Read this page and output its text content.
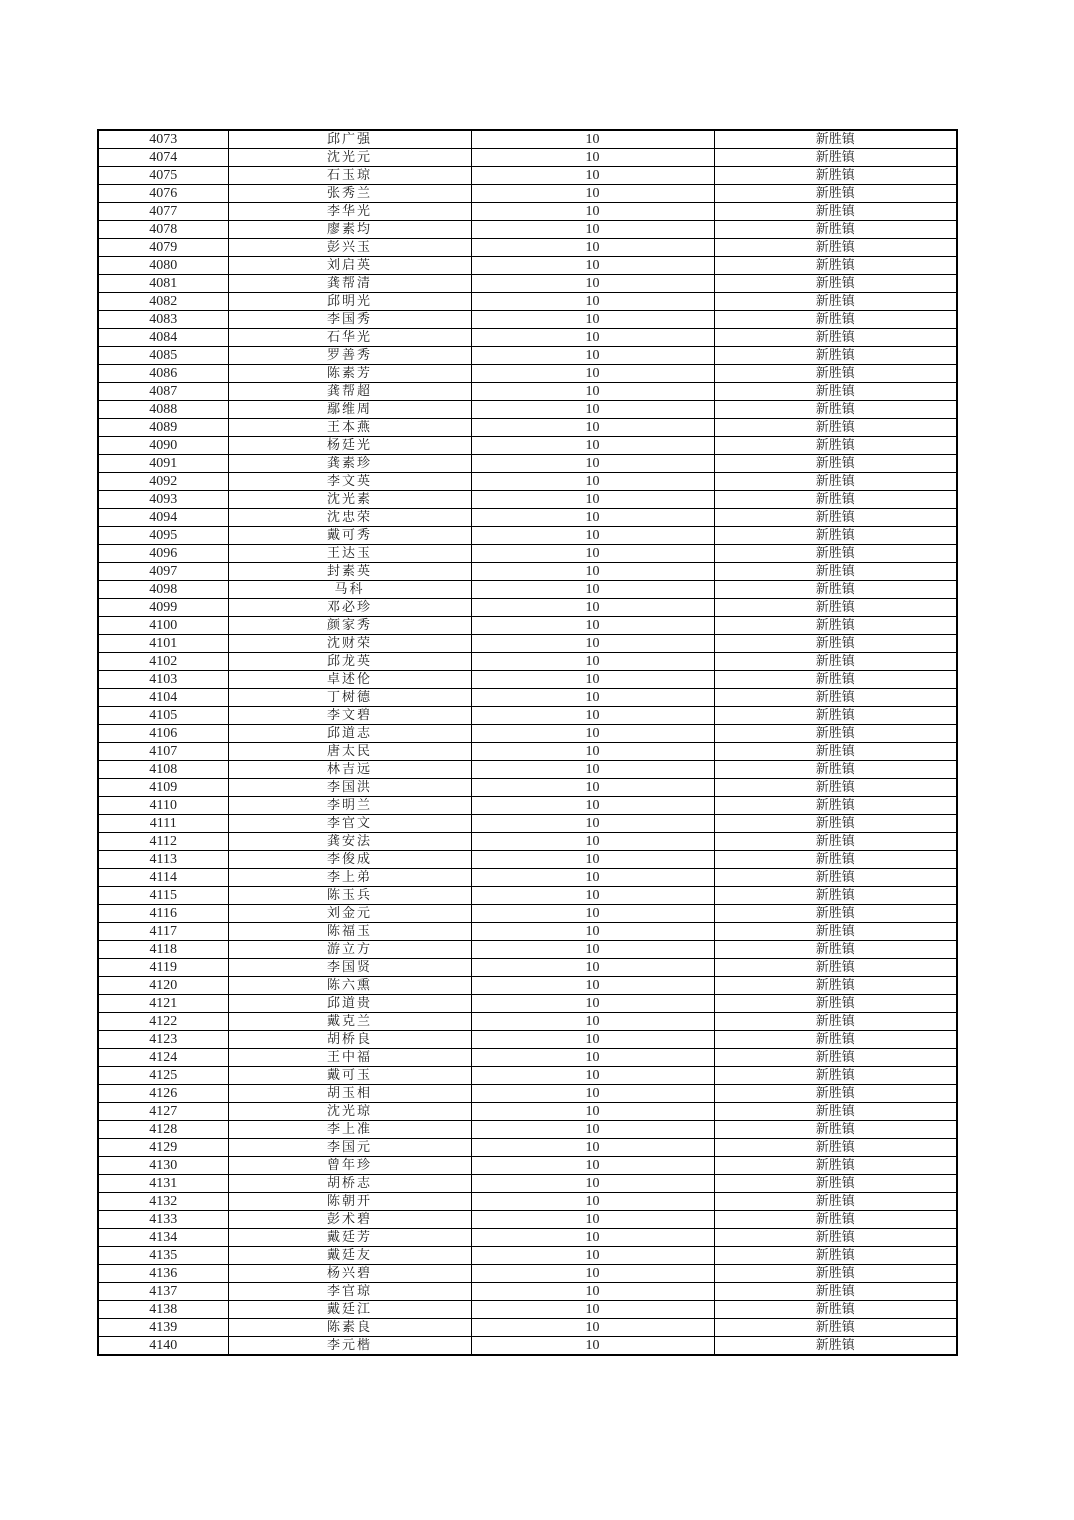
4073	邱广强	10	新胜镇
4074	沈光元	10	新胜镇
4075	石玉琼	10	新胜镇
4076	张秀兰	10	新胜镇
4077	李华光	10	新胜镇
4078	廖素均	10	新胜镇
4079	彭兴玉	10	新胜镇
4080	刘启英	10	新胜镇
4081	龚帮清	10	新胜镇
4082	邱明光	10	新胜镇
4083	李国秀	10	新胜镇
4084	石华光	10	新胜镇
4085	罗善秀	10	新胜镇
4086	陈素芳	10	新胜镇
4087	龚帮超	10	新胜镇
4088	鄢维周	10	新胜镇
4089	王本燕	10	新胜镇
4090	杨廷光	10	新胜镇
4091	龚素珍	10	新胜镇
4092	李文英	10	新胜镇
4093	沈光素	10	新胜镇
4094	沈忠荣	10	新胜镇
4095	戴可秀	10	新胜镇
4096	王达玉	10	新胜镇
4097	封素英	10	新胜镇
4098	马科	10	新胜镇
4099	邓必珍	10	新胜镇
4100	颜家秀	10	新胜镇
4101	沈财荣	10	新胜镇
4102	邱龙英	10	新胜镇
4103	卓述伦	10	新胜镇
4104	丁树德	10	新胜镇
4105	李文碧	10	新胜镇
4106	邱道志	10	新胜镇
4107	唐太民	10	新胜镇
4108	林吉远	10	新胜镇
4109	李国洪	10	新胜镇
4110	李明兰	10	新胜镇
4111	李官文	10	新胜镇
4112	龚安法	10	新胜镇
4113	李俊成	10	新胜镇
4114	李上弟	10	新胜镇
4115	陈玉兵	10	新胜镇
4116	刘金元	10	新胜镇
4117	陈福玉	10	新胜镇
4118	游立方	10	新胜镇
4119	李国贤	10	新胜镇
4120	陈六熏	10	新胜镇
4121	邱道贵	10	新胜镇
4122	戴克兰	10	新胜镇
4123	胡桥良	10	新胜镇
4124	王中福	10	新胜镇
4125	戴可玉	10	新胜镇
4126	胡玉相	10	新胜镇
4127	沈光琼	10	新胜镇
4128	李上准	10	新胜镇
4129	李国元	10	新胜镇
4130	曾年珍	10	新胜镇
4131	胡桥志	10	新胜镇
4132	陈朝开	10	新胜镇
4133	彭术碧	10	新胜镇
4134	戴廷芳	10	新胜镇
4135	戴廷友	10	新胜镇
4136	杨兴碧	10	新胜镇
4137	李官琼	10	新胜镇
4138	戴廷江	10	新胜镇
4139	陈素良	10	新胜镇
4140	李元楷	10	新胜镇
